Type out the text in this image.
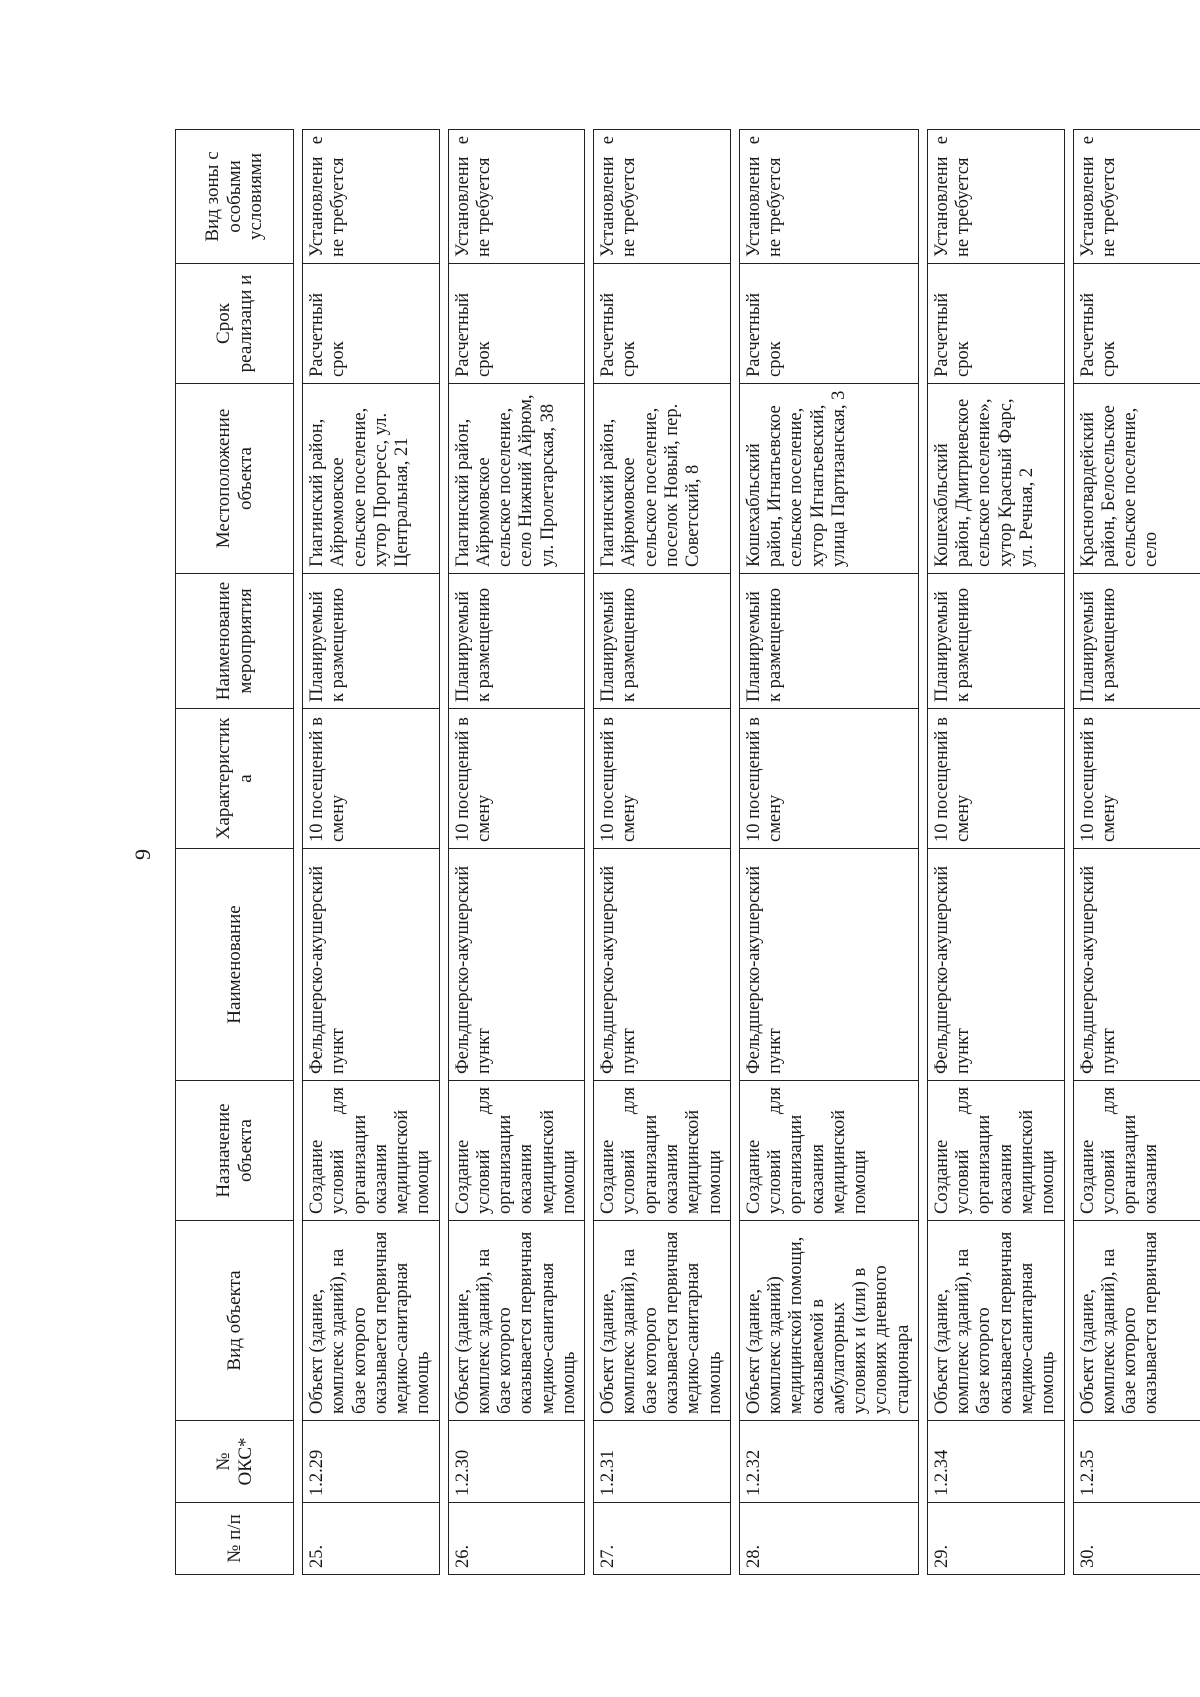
9
№ п/п	№ ОКС*	Вид объекта	Назначение объекта	Наименование	Характеристик а	Наименование мероприятия	Местоположение объекта	Срок реализаци и	Вид зоны с особыми условиями

25.	1.2.29	Объект (здание, комплекс зданий), на базе которого оказывается первичная медико-санитарная помощь	Создание условий для организации оказания медицинской помощи	Фельдшерско-акушерский пункт	10 посещений в смену	Планируемый к размещению	Гиагинский район, Айрюмовское сельское поселение, хутор Прогресс, ул. Центральная, 21	Расчетный срок	Установлени е не требуется

26.	1.2.30	Объект (здание, комплекс зданий), на базе которого оказывается первичная медико-санитарная помощь	Создание условий для организации оказания медицинской помощи	Фельдшерско-акушерский пункт	10 посещений в смену	Планируемый к размещению	Гиагинский район, Айрюмовское сельское поселение, село Нижний Айрюм, ул. Пролетарская, 38	Расчетный срок	Установлени е не требуется

27.	1.2.31	Объект (здание, комплекс зданий), на базе которого оказывается первичная медико-санитарная помощь	Создание условий для организации оказания медицинской помощи	Фельдшерско-акушерский пункт	10 посещений в смену	Планируемый к размещению	Гиагинский район, Айрюмовское сельское поселение, поселок Новый, пер. Советский, 8	Расчетный срок	Установлени е не требуется

28.	1.2.32	Объект (здание, комплекс зданий) медицинской помощи, оказываемой в амбулаторных условиях и (или) в условиях дневного стационара	Создание условий для организации оказания медицинской помощи	Фельдшерско-акушерский пункт	10 посещений в смену	Планируемый к размещению	Кошехабльский район, Игнатьевское сельское поселение, хутор Игнатьевский, улица Партизанская, 3	Расчетный срок	Установлени е не требуется

29.	1.2.34	Объект (здание, комплекс зданий), на базе которого оказывается первичная медико-санитарная помощь	Создание условий для организации оказания медицинской помощи	Фельдшерско-акушерский пункт	10 посещений в смену	Планируемый к размещению	Кошехабльский район, Дмитриевское сельское поселение», хутор Красный Фарс, ул. Речная, 2	Расчетный срок	Установлени е не требуется

30.	1.2.35	Объект (здание, комплекс зданий), на базе которого оказывается первичная	Создание условий для организации оказания	Фельдшерско-акушерский пункт	10 посещений в смену	Планируемый к размещению	Красногвардейский район, Белосельское сельское поселение, село	Расчетный срок	Установлени е не требуется
